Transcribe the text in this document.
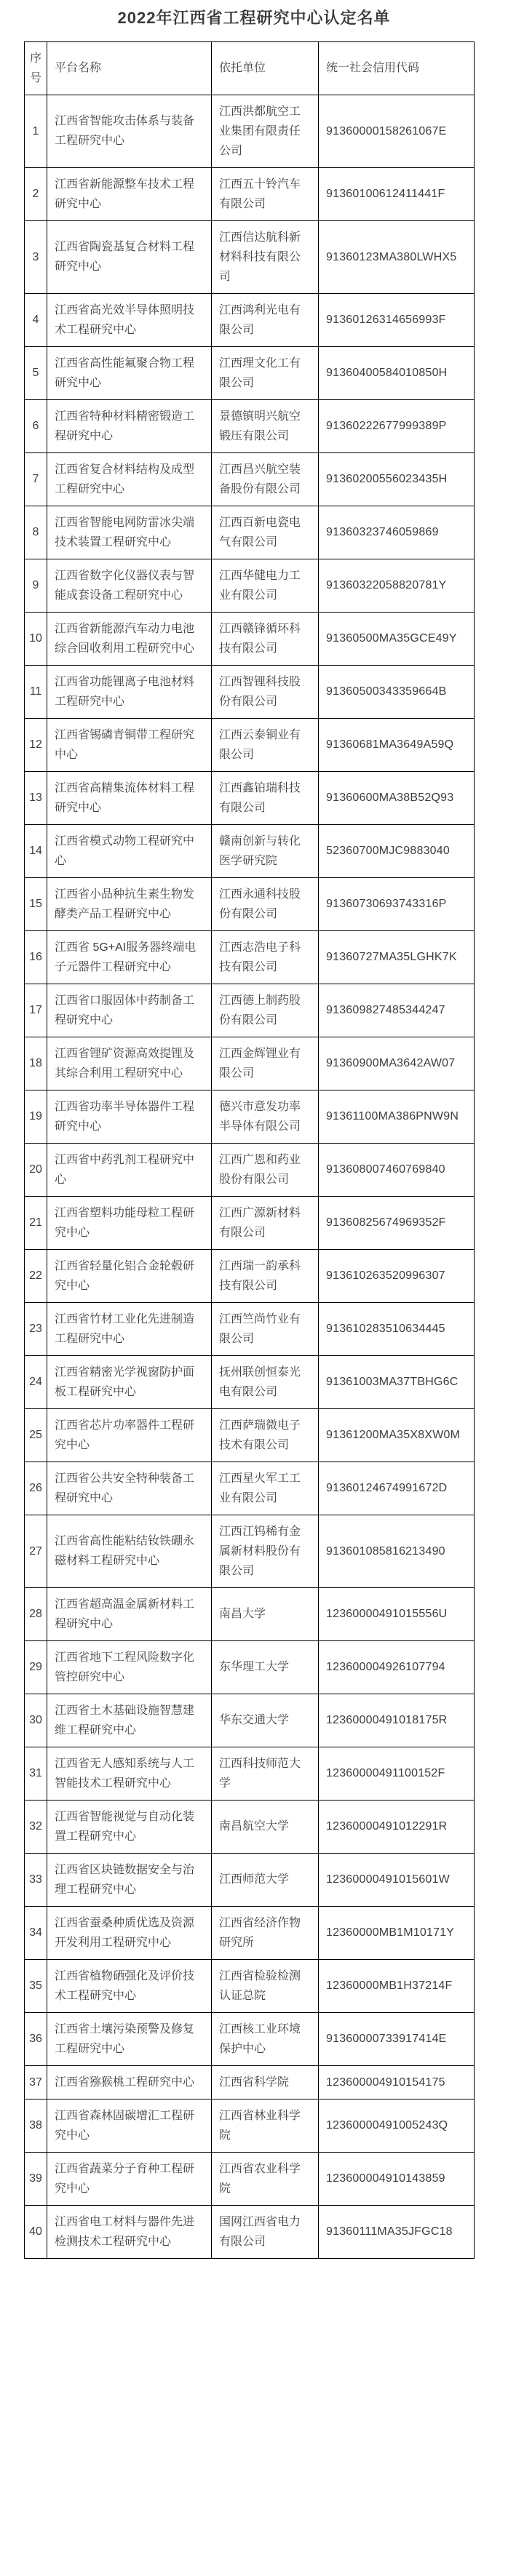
2022年江西省工程研究中心认定名单
序号	平台名称	依托单位	统一社会信用代码
1	江西省智能攻击体系与装备工程研究中心	江西洪都航空工业集团有限责任公司	91360000158261067E
2	江西省新能源整车技术工程研究中心	江西五十铃汽车有限公司	91360100612411441F
3	江西省陶瓷基复合材料工程研究中心	江西信达航科新材料科技有限公司	91360123MA380LWHX5
4	江西省高光效半导体照明技术工程研究中心	江西鸿利光电有限公司	91360126314656993F
5	江西省高性能氟聚合物工程研究中心	江西理文化工有限公司	91360400584010850H
6	江西省特种材料精密锻造工程研究中心	景德镇明兴航空锻压有限公司	91360222677999389P
7	江西省复合材料结构及成型工程研究中心	江西昌兴航空装备股份有限公司	91360200556023435H
8	江西省智能电网防雷冰尖端技术装置工程研究中心	江西百新电瓷电气有限公司	91360323746059869
9	江西省数字化仪器仪表与智能成套设备工程研究中心	江西华健电力工业有限公司	91360322058820781Y
10	江西省新能源汽车动力电池综合回收利用工程研究中心	江西赣锋循环科技有限公司	91360500MA35GCE49Y
11	江西省功能锂离子电池材料工程研究中心	江西智锂科技股份有限公司	91360500343359664B
12	江西省锡磷青铜带工程研究中心	江西云泰铜业有限公司	91360681MA3649A59Q
13	江西省高精集流体材料工程研究中心	江西鑫铂瑞科技有限公司	91360600MA38B52Q93
14	江西省模式动物工程研究中心	赣南创新与转化医学研究院	52360700MJC9883040
15	江西省小品种抗生素生物发酵类产品工程研究中心	江西永通科技股份有限公司	91360730693743316P
16	江西省 5G+AI服务器终端电子元器件工程研究中心	江西志浩电子科技有限公司	91360727MA35LGHK7K
17	江西省口服固体中药制备工程研究中心	江西德上制药股份有限公司	913609827485344247
18	江西省锂矿资源高效提锂及其综合利用工程研究中心	江西金辉锂业有限公司	91360900MA3642AW07
19	江西省功率半导体器件工程研究中心	德兴市意发功率半导体有限公司	91361100MA386PNW9N
20	江西省中药乳剂工程研究中心	江西广恩和药业股份有限公司	913608007460769840
21	江西省塑料功能母粒工程研究中心	江西广源新材料有限公司	91360825674969352F
22	江西省轻量化铝合金轮毂研究中心	江西瑞一韵承科技有限公司	913610263520996307
23	江西省竹材工业化先进制造工程研究中心	江西竺尚竹业有限公司	913610283510634445
24	江西省精密光学视窗防护面板工程研究中心	抚州联创恒泰光电有限公司	91361003MA37TBHG6C
25	江西省芯片功率器件工程研究中心	江西萨瑞微电子技术有限公司	91361200MA35X8XW0M
26	江西省公共安全特种装备工程研究中心	江西星火军工工业有限公司	91360124674991672D
27	江西省高性能粘结钕铁硼永磁材料工程研究中心	江西江钨稀有金属新材料股份有限公司	913601085816213490
28	江西省超高温金属新材料工程研究中心	南昌大学	12360000491015556U
29	江西省地下工程风险数字化管控研究中心	东华理工大学	123600004926107794
30	江西省土木基础设施智慧建维工程研究中心	华东交通大学	12360000491018175R
31	江西省无人感知系统与人工智能技术工程研究中心	江西科技师范大学	12360000491100152F
32	江西省智能视觉与自动化装置工程研究中心	南昌航空大学	12360000491012291R
33	江西省区块链数据安全与治理工程研究中心	江西师范大学	12360000491015601W
34	江西省蚕桑种质优选及资源开发利用工程研究中心	江西省经济作物研究所	12360000MB1M10171Y
35	江西省植物硒强化及评价技术工程研究中心	江西省检验检测认证总院	12360000MB1H37214F
36	江西省土壤污染预警及修复工程研究中心	江西核工业环境保护中心	91360000733917414E
37	江西省猕猴桃工程研究中心	江西省科学院	123600004910154175
38	江西省森林固碳增汇工程研究中心	江西省林业科学院	12360000491005243Q
39	江西省蔬菜分子育种工程研究中心	江西省农业科学院	123600004910143859
40	江西省电工材料与器件先进检测技术工程研究中心	国网江西省电力有限公司	91360111MA35JFGC18
